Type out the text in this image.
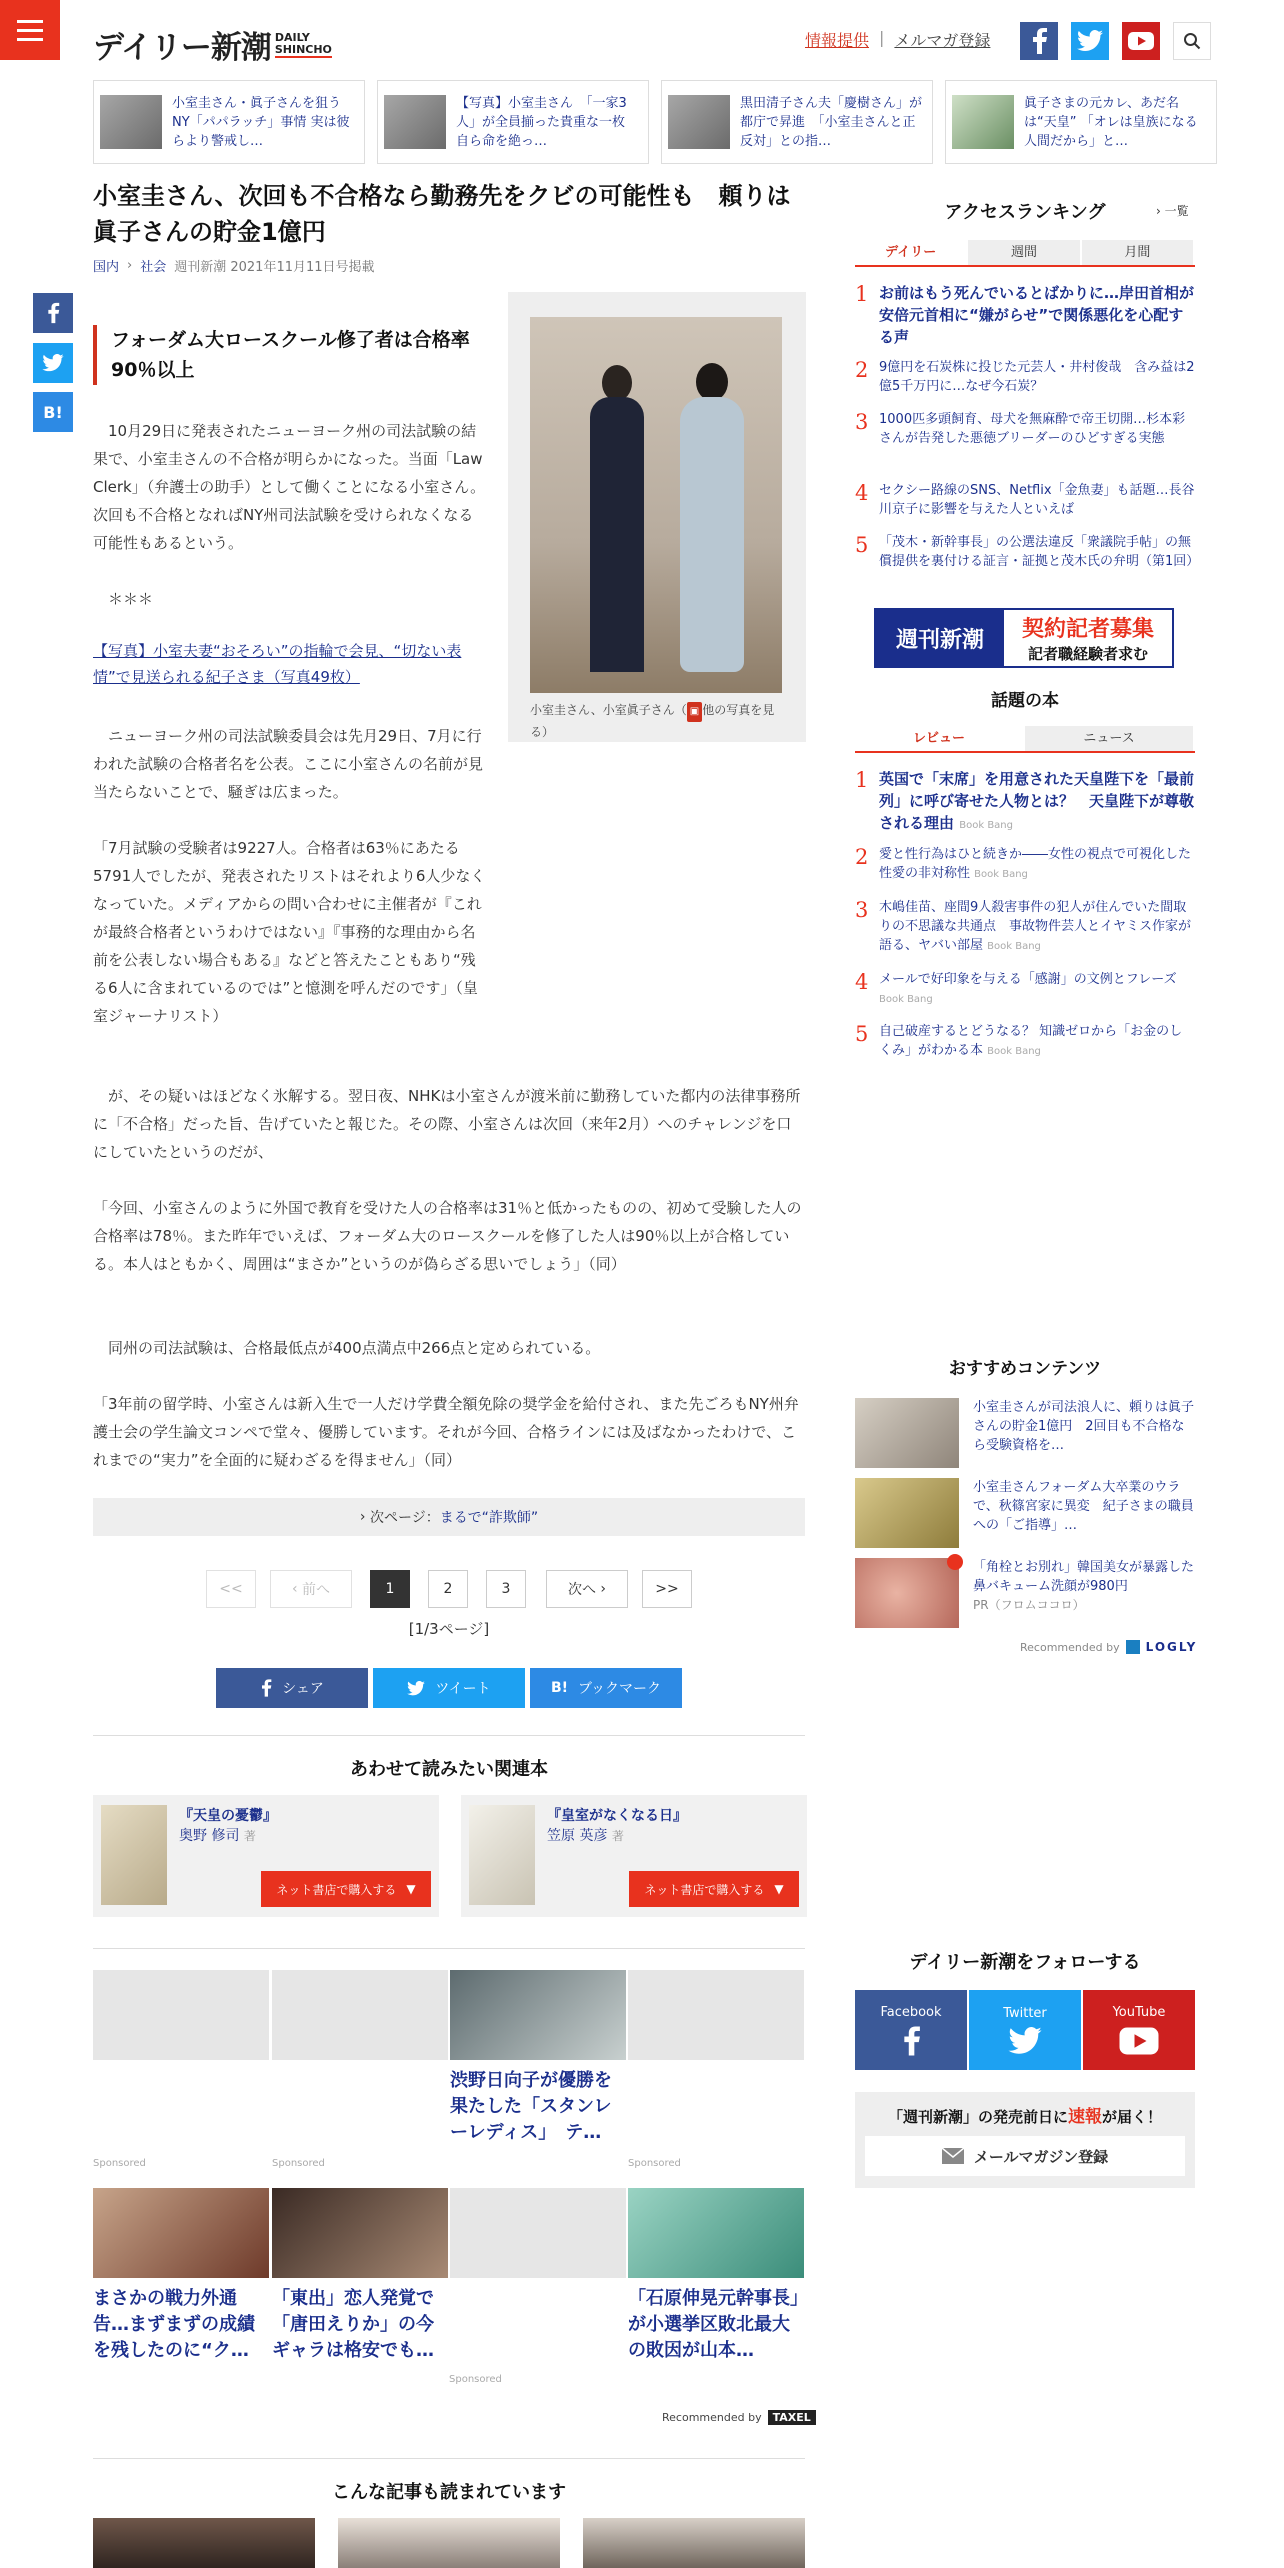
デイリー新潮 DAILY
SHINCHO	情報提供 | メルマガ登録
小室圭さん・眞子さんを狙うNY「パパラッチ」事情 実は彼らより警戒し…
【写真】小室圭さん　「一家3人」が全員揃った貴重な一枚　自ら命を絶っ…
黒田清子さん夫「慶樹さん」が都庁で昇進　「小室圭さんと正反対」との指…
眞子さまの元カレ、あだ名は“天皇” 「オレは皇族になる人間だから」と…
小室圭さん、次回も不合格なら勤務先をクビの可能性も　頼りは眞子さんの貯金1億円
国内 › 社会 週刊新潮 2021年11月11日号掲載
B!
フォーダム大ロースクール修了者は合格率90％以上

10月29日に発表されたニューヨーク州の司法試験の結果で、小室圭さんの不合格が明らかになった。当面「Law Clerk」（弁護士の助手）として働くことになる小室さん。次回も不合格となればNY州司法試験を受けられなくなる可能性もあるという。

＊＊＊

【写真】小室夫妻“おそろい”の指輪で会見、“切ない表情”で見送られる紀子さま（写真49枚）

ニューヨーク州の司法試験委員会は先月29日、7月に行われた試験の合格者名を公表。ここに小室さんの名前が見当たらないことで、騒ぎは広まった。

「7月試験の受験者は9227人。合格者は63％にあたる5791人でしたが、発表されたリストはそれより6人少なくなっていた。メディアからの問い合わせに主催者が『これが最終合格者というわけではない』『事務的な理由から名前を公表しない場合もある』などと答えたこともあり“残る6人に含まれているのでは”と憶測を呼んだのです」（皇室ジャーナリスト）

が、その疑いはほどなく氷解する。翌日夜、NHKは小室さんが渡米前に勤務していた都内の法律事務所に「不合格」だった旨、告げていたと報じた。その際、小室さんは次回（来年2月）へのチャレンジを口にしていたというのだが、

「今回、小室さんのように外国で教育を受けた人の合格率は31％と低かったものの、初めて受験した人の合格率は78％。また昨年でいえば、フォーダム大のロースクールを修了した人は90％以上が合格している。本人はともかく、周囲は“まさか”というのが偽らざる思いでしょう」（同）

同州の司法試験は、合格最低点が400点満点中266点と定められている。

「3年前の留学時、小室さんは新入生で一人だけ学費全額免除の奨学金を給付され、また先ごろもNY州弁護士会の学生論文コンペで堂々、優勝しています。それが今回、合格ラインには及ばなかったわけで、これまでの“実力”を全面的に疑わざるを得ません」（同）

小室圭さん、小室眞子さん（ ▣ 他の写真を見る）
› 次ページ： まるで“詐欺師”
<<	‹ 前へ	1	2	3	次へ ›	>>
[1/3ページ]
シェア	ツイート	B! ブックマーク
あわせて読みたい関連本
『天皇の憂鬱』
奥野 修司 著
ネット書店で購入する ▼
『皇室がなくなる日』
笠原 英彦 著
ネット書店で購入する ▼
渋野日向子が優勝を果たした「スタンレーレディス」　テ…
Sponsored	Sponsored	Sponsored
まさかの戦力外通告…まずまずの成績を残したのに“ク…
「東出」恋人発覚で「唐田えりか」の今ギャラは格安でも…
「石原伸晃元幹事長」が小選挙区敗北最大の敗因が山本…
Sponsored
Recommended by	TAXEL
こんな記事も読まれています
アクセスランキング	› 一覧
デイリー	週間	月間
1 お前はもう死んでいるとばかりに…岸田首相が安倍元首相に“嫌がらせ”で関係悪化を心配する声
2 9億円を石炭株に投じた元芸人・井村俊哉　含み益は2億5千万円に…なぜ今石炭？
3 1000匹多頭飼育、母犬を無麻酔で帝王切開…杉本彩さんが告発した悪徳ブリーダーのひどすぎる実態
4 セクシー路線のSNS、Netflix「金魚妻」も話題…長谷川京子に影響を与えた人といえば
5 「茂木・新幹事長」の公選法違反「衆議院手帖」の無償提供を裏付ける証言・証拠と茂木氏の弁明（第1回）
週刊新潮	契約記者募集
記者職経験者求む
話題の本
レビュー	ニュース
1 英国で「末席」を用意された天皇陛下を「最前列」に呼び寄せた人物とは？　天皇陛下が尊敬される理由 Book Bang
2 愛と性行為はひと続きか――女性の視点で可視化した性愛の非対称性 Book Bang
3 木嶋佳苗、座間9人殺害事件の犯人が住んでいた間取りの不思議な共通点　事故物件芸人とイヤミス作家が語る、ヤバい部屋 Book Bang
4 メールで好印象を与える「感謝」の文例とフレーズ Book Bang
5 自己破産するとどうなる？ 知識ゼロから「お金のしくみ」がわかる本 Book Bang
おすすめコンテンツ
小室圭さんが司法浪人に、頼りは眞子さんの貯金1億円　2回目も不合格なら受験資格を…
小室圭さんフォーダム大卒業のウラで、秋篠宮家に異変　紀子さまの職員への「ご指導」…
「角栓とお別れ」韓国美女が暴露した鼻バキューム洗顔が980円
PR（フロムココロ）
Recommended by LOGLY
デイリー新潮をフォローする
Facebook	Twitter	YouTube
「週刊新潮」の発売前日に速報が届く！
メールマガジン登録
